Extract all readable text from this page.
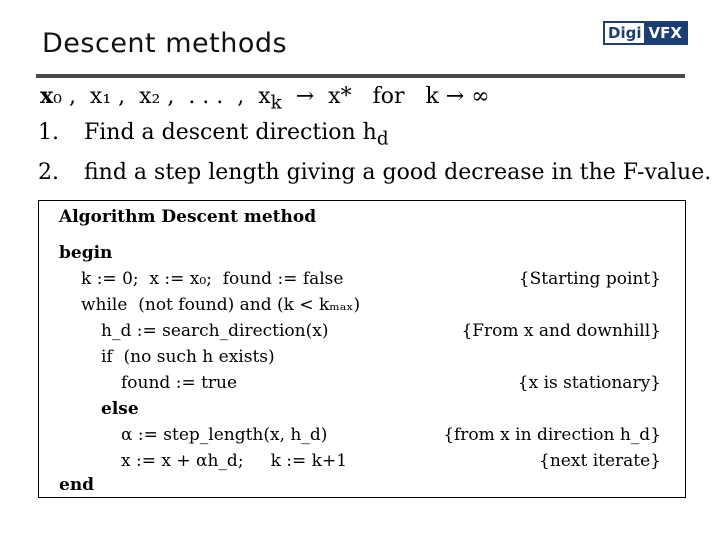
Descent methods	Digi VFX
x₀ ,  x₁ ,  x₂ ,  . . .  ,  $x_k \to x*$   for   k → ∞
1. Find a descent direction $h_d$
2. find a step length giving a good decrease in the F-value.
Algorithm Descent method
begin
k := 0;  x := x₀;  found := false	{Starting point}
while  (not found) and (k < kₘₐₓ)
h_d := search_direction(x)	{From x and downhill}
if  (no such h exists)
found := true	{x is stationary}
else
α := step_length(x, h_d)	{from x in direction h_d}
x := x + αh_d;     k := k+1	{next iterate}
end
